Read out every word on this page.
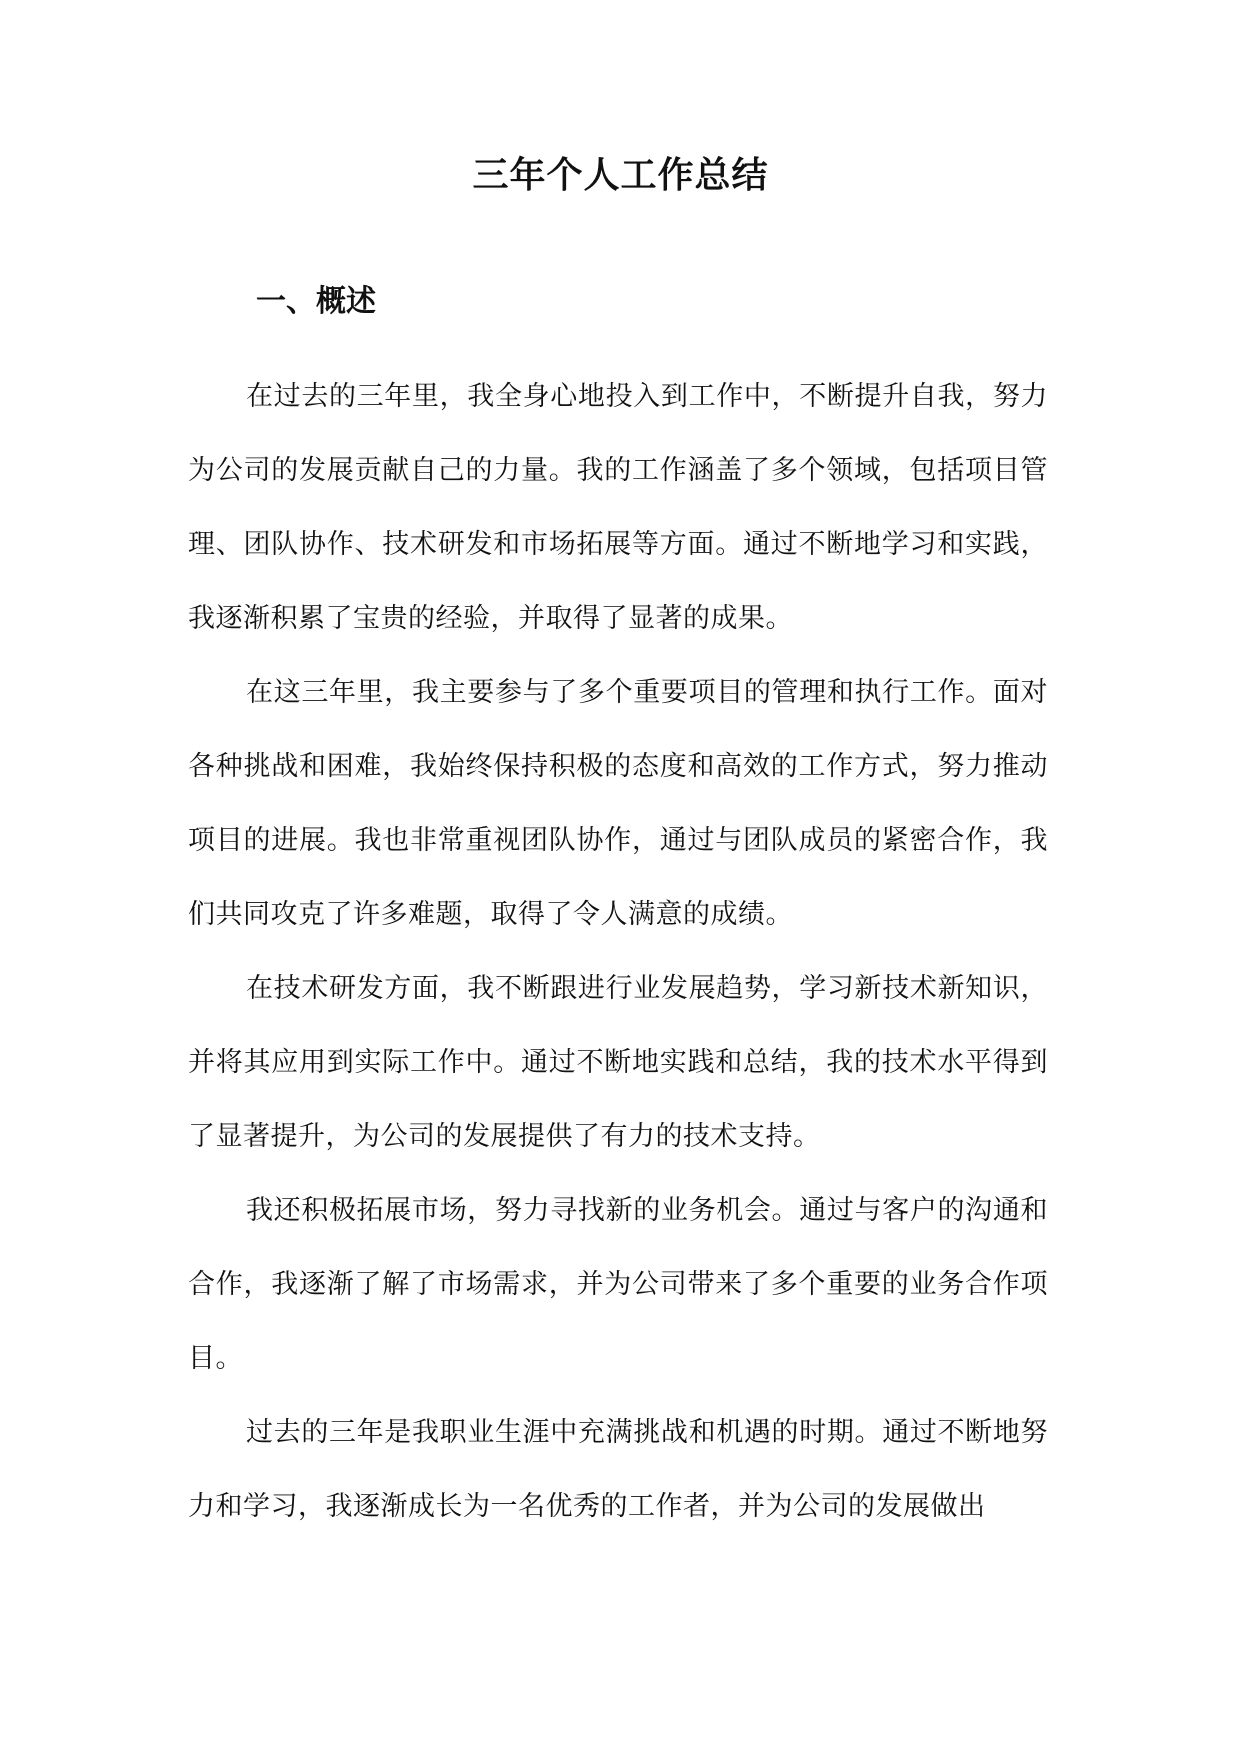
三年个人工作总结
一、概述

在过去的三年里，我全身心地投入到工作中，不断提升自我，努力为公司的发展贡献自己的力量。我的工作涵盖了多个领域，包括项目管理、团队协作、技术研发和市场拓展等方面。通过不断地学习和实践，我逐渐积累了宝贵的经验，并取得了显著的成果。

在这三年里，我主要参与了多个重要项目的管理和执行工作。面对各种挑战和困难，我始终保持积极的态度和高效的工作方式，努力推动项目的进展。我也非常重视团队协作，通过与团队成员的紧密合作，我们共同攻克了许多难题，取得了令人满意的成绩。

在技术研发方面，我不断跟进行业发展趋势，学习新技术新知识，并将其应用到实际工作中。通过不断地实践和总结，我的技术水平得到了显著提升，为公司的发展提供了有力的技术支持。

我还积极拓展市场，努力寻找新的业务机会。通过与客户的沟通和合作，我逐渐了解了市场需求，并为公司带来了多个重要的业务合作项目。

过去的三年是我职业生涯中充满挑战和机遇的时期。通过不断地努力和学习，我逐渐成长为一名优秀的工作者，并为公司的发展做出
